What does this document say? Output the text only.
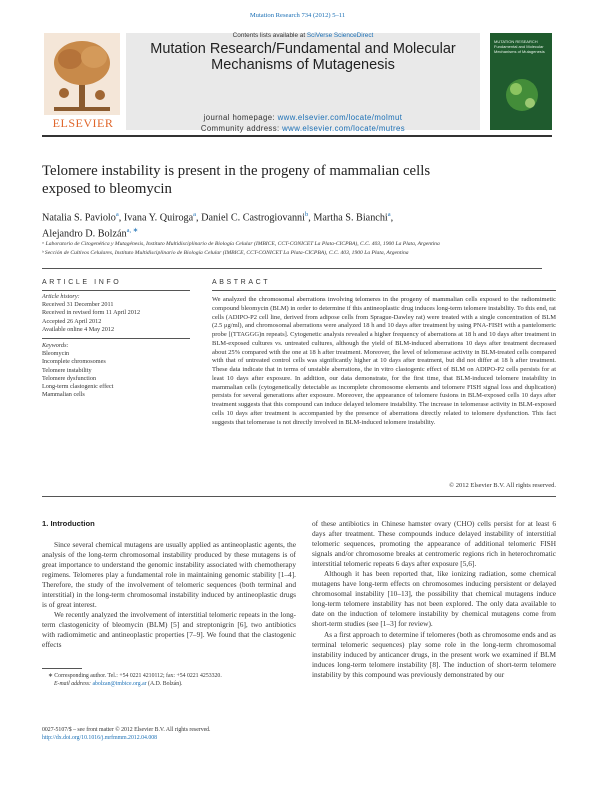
Mutation Research 734 (2012) 5–11
ELSEVIER
Contents lists available at SciVerse ScienceDirect
Mutation Research/Fundamental and Molecular
Mechanisms of Mutagenesis
journal homepage: www.elsevier.com/locate/molmut
Community address: www.elsevier.com/locate/mutres
MUTATION RESEARCH Fundamental and Molecular Mechanisms of Mutagenesis
Telomere instability is present in the progeny of mammalian cells
exposed to bleomycin
Natalia S. Paviolo$^a$, Ivana Y. Quiroga$^a$, Daniel C. Castrogiovanni$^b$, Martha S. Bianchi$^a$,
Alejandro D. Bolzán$^{a, ∗}$
ᵃ Laboratorio de Citogenética y Mutagénesis, Instituto Multidisciplinario de Biología Celular (IMBICE, CCT-CONICET La Plata-CICPBA), C.C. 403, 1900 La Plata, Argentina
ᵇ Sección de Cultivos Celulares, Instituto Multidisciplinario de Biología Celular (IMBICE, CCT-CONICET La Plata-CICPBA), C.C. 403, 1900 La Plata, Argentina
ARTICLE INFO	ABSTRACT
Article history:
Received 31 December 2011
Received in revised form 11 April 2012
Accepted 26 April 2012
Available online 4 May 2012
Keywords:
Bleomycin
Incomplete chromosomes
Telomere instability
Telomere dysfunction
Long-term clastogenic effect
Mammalian cells
We analyzed the chromosomal aberrations involving telomeres in the progeny of mammalian cells exposed to the radiomimetic compound bleomycin (BLM) in order to determine if this antineoplastic drug induces long-term telomere instability. To this end, rat cells (ADIPO-P2 cell line, derived from adipose cells from Sprague-Dawley rat) were treated with a single concentration of BLM (2.5 μg/ml), and chromosomal aberrations were analyzed 18 h and 10 days after treatment by using PNA-FISH with a pantelomeric probe [(TTAGGG)n repeats]. Cytogenetic analysis revealed a higher frequency of aberrations at 18 h and 10 days after treatment in BLM-exposed cultures vs. untreated cultures, although the yield of BLM-induced aberrations 10 days after treatment decreased about 25% compared with the one at 18 h after treatment. Moreover, the level of telomerase activity in BLM-treated cells compared with that of untreated control cells was significantly higher at 10 days after treatment, but did not differ at 18 h after treatment. These data indicate that in terms of unstable aberrations, the in vitro clastogenic effect of BLM on ADIPO-P2 cells persists for at least 10 days after exposure. In addition, our data demonstrate, for the first time, that BLM-induced telomere instability in mammalian cells (cytogenetically detectable as incomplete chromosome elements and telomere FISH signal loss and duplication) persists for several generations after exposure. Moreover, the appearance of telomere fusions in BLM-exposed cells 10 days after treatment suggests that this compound can induce delayed telomere instability. The increase in telomerase activity in BLM-exposed cells 10 days after treatment is accompanied by the presence of aberrations directly related to telomere dysfunction. This fact suggests that telomerase is not directly involved in BLM-induced telomere instability.
© 2012 Elsevier B.V. All rights reserved.
1. Introduction

Since several chemical mutagens are usually applied as antineoplastic agents, the analysis of the long-term chromosomal instability produced by these mutagens is of great importance to understand the genomic instability associated with chemotherapy regimens. Telomeres play a fundamental role in maintaining genomic stability [1–4]. Therefore, the study of the involvement of telomeric sequences (both terminal and interstitial) in the long-term chromosomal instability induced by antineoplastic drugs is of great interest.

We recently analyzed the involvement of interstitial telomeric repeats in the long-term clastogenicity of bleomycin (BLM) [5] and streptonigrin [6], two antibiotics with radiomimetic and antineoplastic properties [7–9]. We found that the clastogenic effects

of these antibiotics in Chinese hamster ovary (CHO) cells persist for at least 6 days after treatment. These compounds induce delayed instability of interstitial telomeric sequences, promoting the appearance of additional telomeric FISH signals and/or chromosome breaks at centromeric regions rich in heterochromatic interstitial telomeric repeats 6 days after exposure [5,6].

Although it has been reported that, like ionizing radiation, some chemical mutagens have long-term effects on chromosomes inducing persistent or delayed chromosomal instability [10–13], the possibility that chemical mutagens induce long-term telomere instability has not been explored. The only data available to date on the induction of telomere instability by chemical mutagens come from short-term studies (see [1–3] for review).

As a first approach to determine if telomeres (both as chromosome ends and as terminal telomeric sequences) play some role in the long-term chromosomal instability induced by anticancer drugs, in the present work we examined if BLM induces long-term telomere instability [8]. The induction of short-term telomere instability by this compound was previously demonstrated by our

∗ Corresponding author. Tel.: +54 0221 4210112; fax: +54 0221 4253320.
E-mail address: abolzan@imbice.org.ar (A.D. Bolzán).
0027-5107/$ – see front matter © 2012 Elsevier B.V. All rights reserved.
http://dx.doi.org/10.1016/j.mrfmmm.2012.04.008
